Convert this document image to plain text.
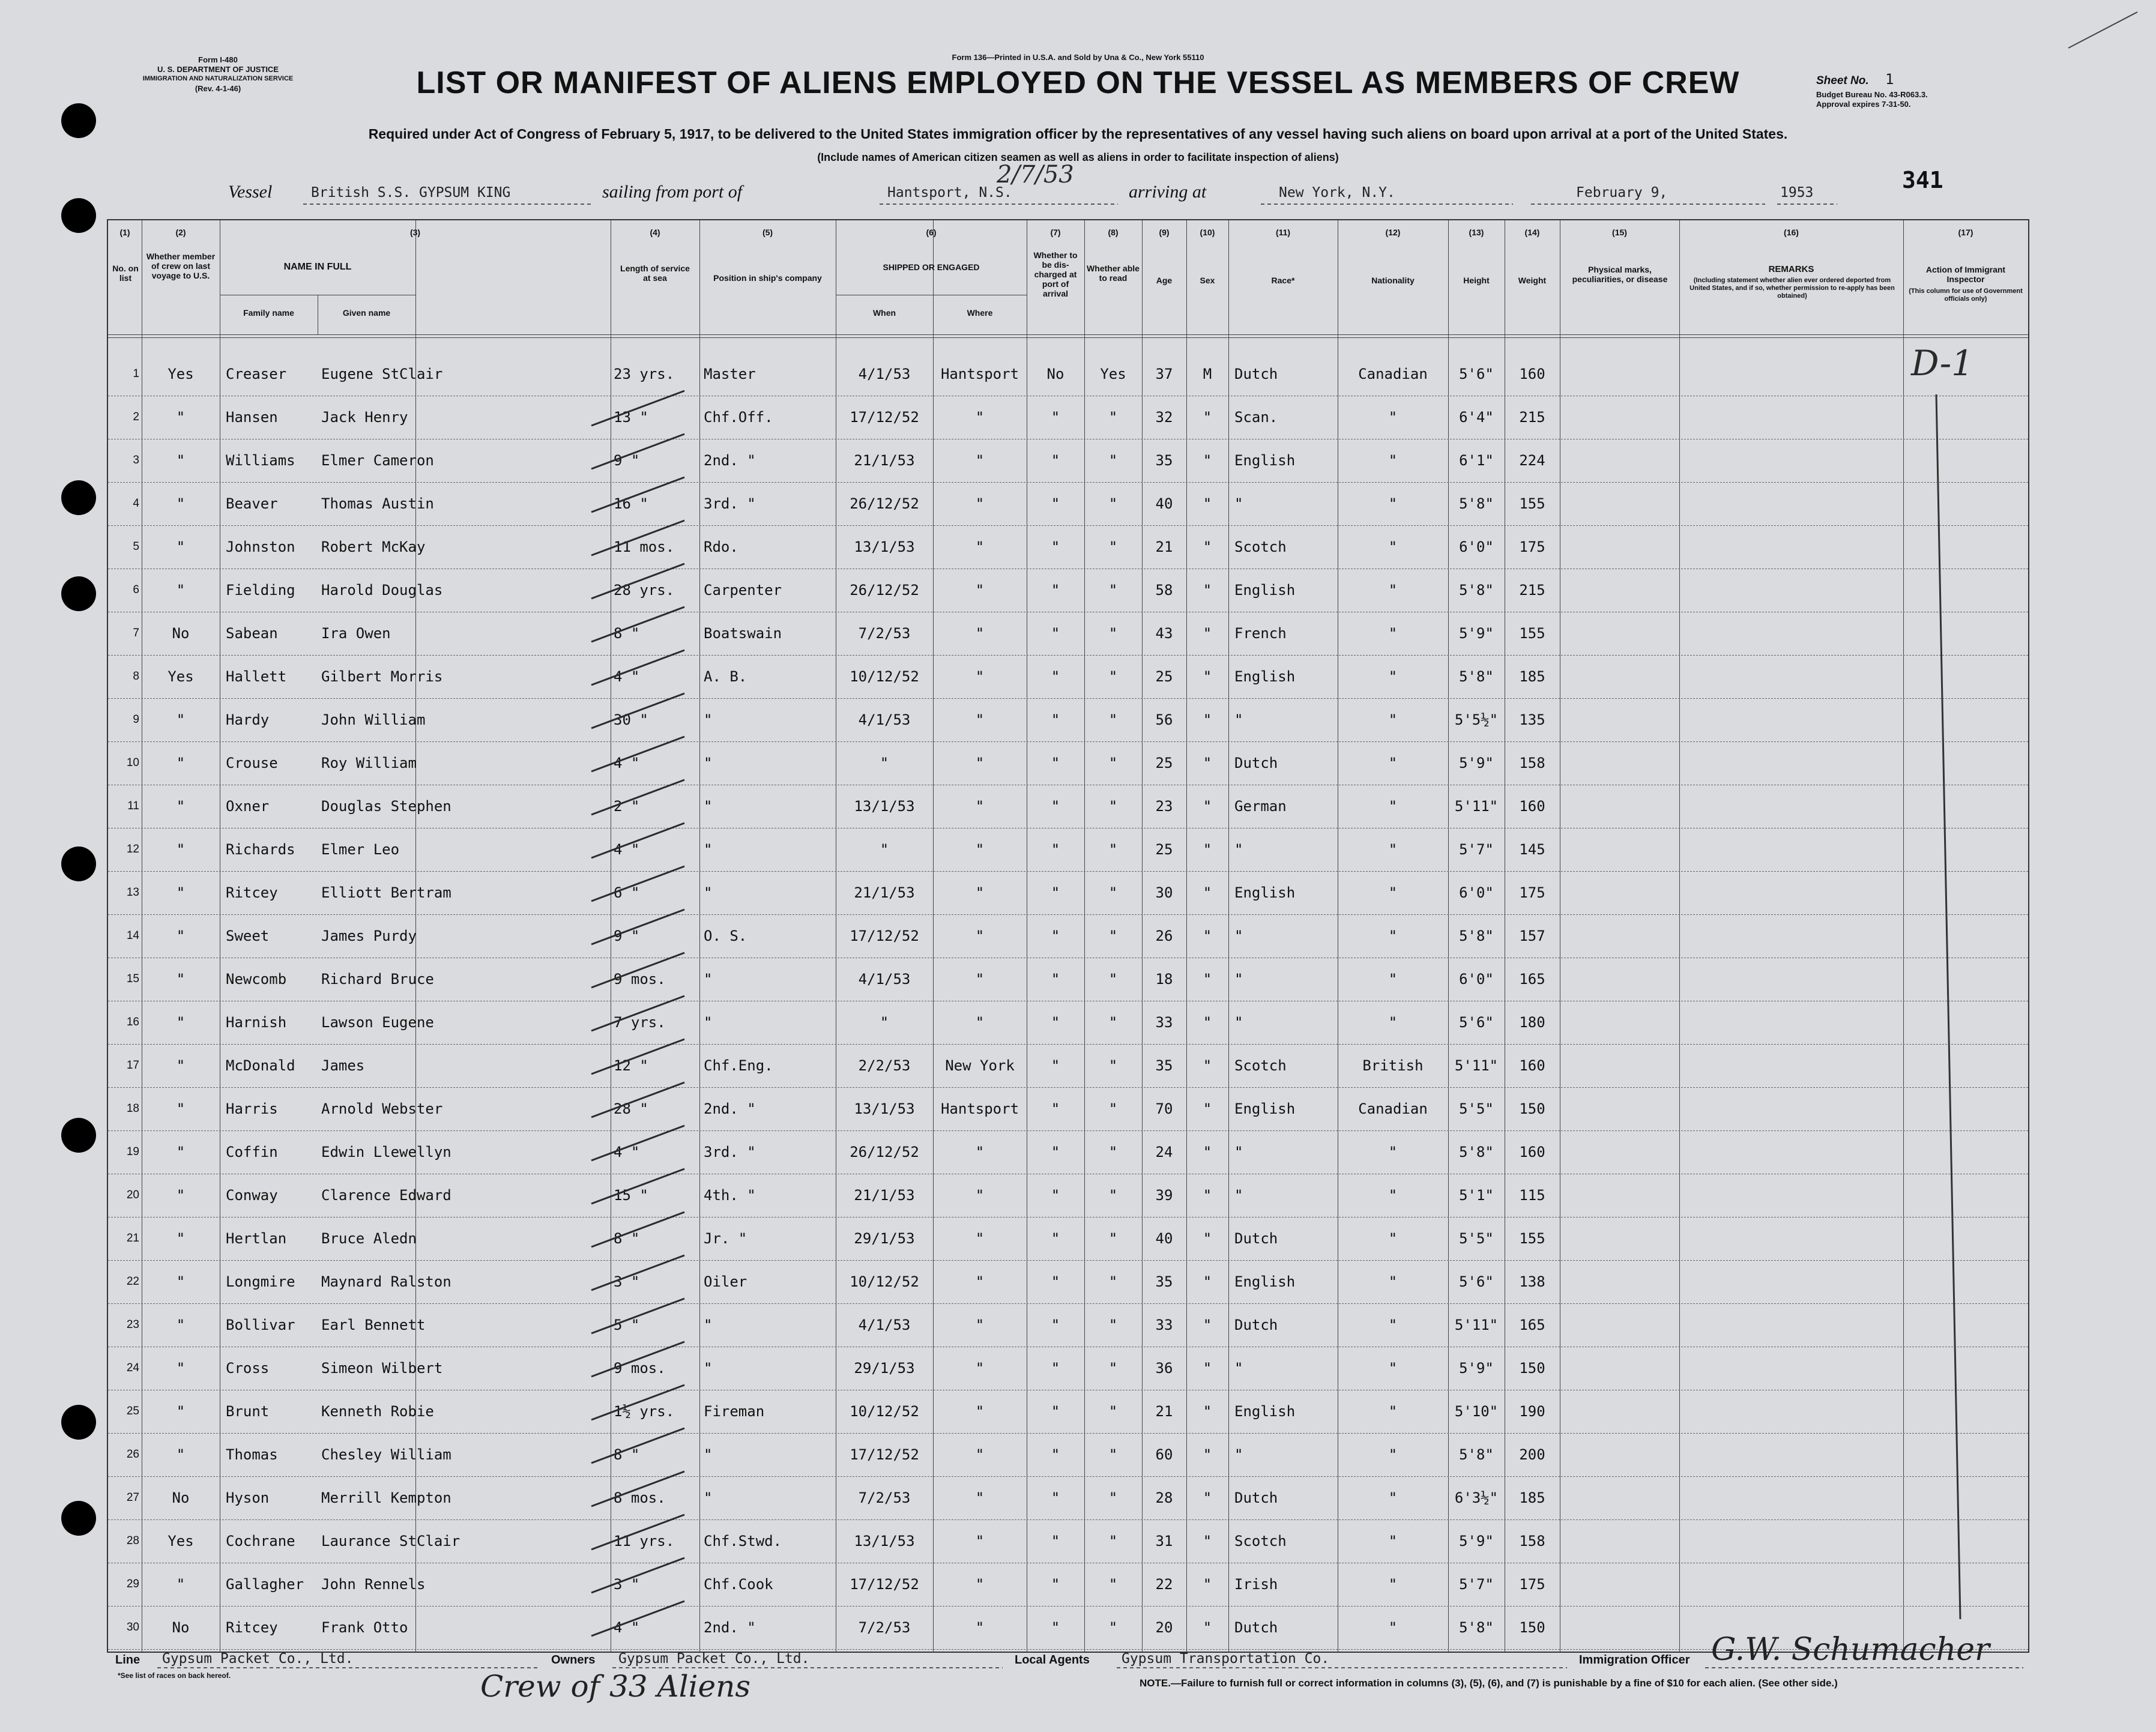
Form I-480
U. S. DEPARTMENT OF JUSTICE
IMMIGRATION AND NATURALIZATION SERVICE
(Rev. 4-1-46)
Form 136—Printed in U.S.A. and Sold by Una & Co., New York 55110
LIST OR MANIFEST OF ALIENS EMPLOYED ON THE VESSEL AS MEMBERS OF CREW	Sheet No. 1
Budget Bureau No. 43-R063.3.
Approval expires 7-31-50.
Required under Act of Congress of February 5, 1917, to be delivered to the United States immigration officer by the representatives of any vessel having such aliens on board upon arrival at a port of the United States.
(Include names of American citizen seamen as well as aliens in order to facilitate inspection of aliens)
Vessel	British S.S. GYPSUM KING	sailing from port of	Hantsport, N.S.
2/7/53
arriving at	New York, N.Y.	February 9,	1953	341
(1)	(2)	(3)	(4)	(5)	(6)	(7)	(8)	(9)	(10)	(11)	(12)	(13)	(14)	(15)	(16)	(17)
No. on list
Whether member of crew on last voyage to U.S.
NAME IN FULL
Family name	Given name
Length of service at sea	Position in ship's company
SHIPPED OR ENGAGED
When	Where
Whether to be dis-charged at port of arrival
Whether able to read	Age	Sex	Race*	Nationality	Height	Weight
Physical marks, peculiarities, or disease
REMARKS
(Including statement whether alien ever ordered deported from United States, and if so, whether permission to re-apply has been obtained)
Action of Immigrant Inspector
(This column for use of Government officials only)
1	Yes	Creaser	Eugene StClair	23 yrs.	Master	4/1/53	Hantsport	No	Yes	37	M	Dutch	Canadian	5'6"	160
2	"	Hansen	Jack Henry	13 "	Chf.Off.	17/12/52	"	"	"	32	"	Scan.	"	6'4"	215
3	"	Williams	Elmer Cameron	9 "	2nd. "	21/1/53	"	"	"	35	"	English	"	6'1"	224
4	"	Beaver	Thomas Austin	16 "	3rd. "	26/12/52	"	"	"	40	"	"	"	5'8"	155
5	"	Johnston	Robert McKay	11 mos.	Rdo.	13/1/53	"	"	"	21	"	Scotch	"	6'0"	175
6	"	Fielding	Harold Douglas	28 yrs.	Carpenter	26/12/52	"	"	"	58	"	English	"	5'8"	215
7	No	Sabean	Ira Owen	8 "	Boatswain	7/2/53	"	"	"	43	"	French	"	5'9"	155
8	Yes	Hallett	Gilbert Morris	4 "	A. B.	10/12/52	"	"	"	25	"	English	"	5'8"	185
9	"	Hardy	John William	30 "	"	4/1/53	"	"	"	56	"	"	"	5'5½"	135
10	"	Crouse	Roy William	4 "	"	"	"	"	"	25	"	Dutch	"	5'9"	158
11	"	Oxner	Douglas Stephen	2 "	"	13/1/53	"	"	"	23	"	German	"	5'11"	160
12	"	Richards	Elmer Leo	4 "	"	"	"	"	"	25	"	"	"	5'7"	145
13	"	Ritcey	Elliott Bertram	6 "	"	21/1/53	"	"	"	30	"	English	"	6'0"	175
14	"	Sweet	James Purdy	9 "	O. S.	17/12/52	"	"	"	26	"	"	"	5'8"	157
15	"	Newcomb	Richard Bruce	9 mos.	"	4/1/53	"	"	"	18	"	"	"	6'0"	165
16	"	Harnish	Lawson Eugene	7 yrs.	"	"	"	"	"	33	"	"	"	5'6"	180
17	"	McDonald	James	12 "	Chf.Eng.	2/2/53	New York	"	"	35	"	Scotch	British	5'11"	160
18	"	Harris	Arnold Webster	28 "	2nd. "	13/1/53	Hantsport	"	"	70	"	English	Canadian	5'5"	150
19	"	Coffin	Edwin Llewellyn	4 "	3rd. "	26/12/52	"	"	"	24	"	"	"	5'8"	160
20	"	Conway	Clarence Edward	15 "	4th. "	21/1/53	"	"	"	39	"	"	"	5'1"	115
21	"	Hertlan	Bruce Aledn	8 "	Jr. "	29/1/53	"	"	"	40	"	Dutch	"	5'5"	155
22	"	Longmire	Maynard Ralston	3 "	Oiler	10/12/52	"	"	"	35	"	English	"	5'6"	138
23	"	Bollivar	Earl Bennett	5 "	"	4/1/53	"	"	"	33	"	Dutch	"	5'11"	165
24	"	Cross	Simeon Wilbert	9 mos.	"	29/1/53	"	"	"	36	"	"	"	5'9"	150
25	"	Brunt	Kenneth Robie	1½ yrs.	Fireman	10/12/52	"	"	"	21	"	English	"	5'10"	190
26	"	Thomas	Chesley William	8 "	"	17/12/52	"	"	"	60	"	"	"	5'8"	200
27	No	Hyson	Merrill Kempton	8 mos.	"	7/2/53	"	"	"	28	"	Dutch	"	6'3½"	185
28	Yes	Cochrane	Laurance StClair	11 yrs.	Chf.Stwd.	13/1/53	"	"	"	31	"	Scotch	"	5'9"	158
29	"	Gallagher	John Rennels	3 "	Chf.Cook	17/12/52	"	"	"	22	"	Irish	"	5'7"	175
30	No	Ritcey	Frank Otto	4 "	2nd. "	7/2/53	"	"	"	20	"	Dutch	"	5'8"	150
D-1
Line Gypsum Packet Co., Ltd.	Owners Gypsum Packet Co., Ltd.	Local Agents Gypsum Transportation Co.	Immigration Officer G.W. Schumacher
*See list of races on back hereof.	Crew of 33 Aliens	NOTE.—Failure to furnish full or correct information in columns (3), (5), (6), and (7) is punishable by a fine of $10 for each alien. (See other side.)
